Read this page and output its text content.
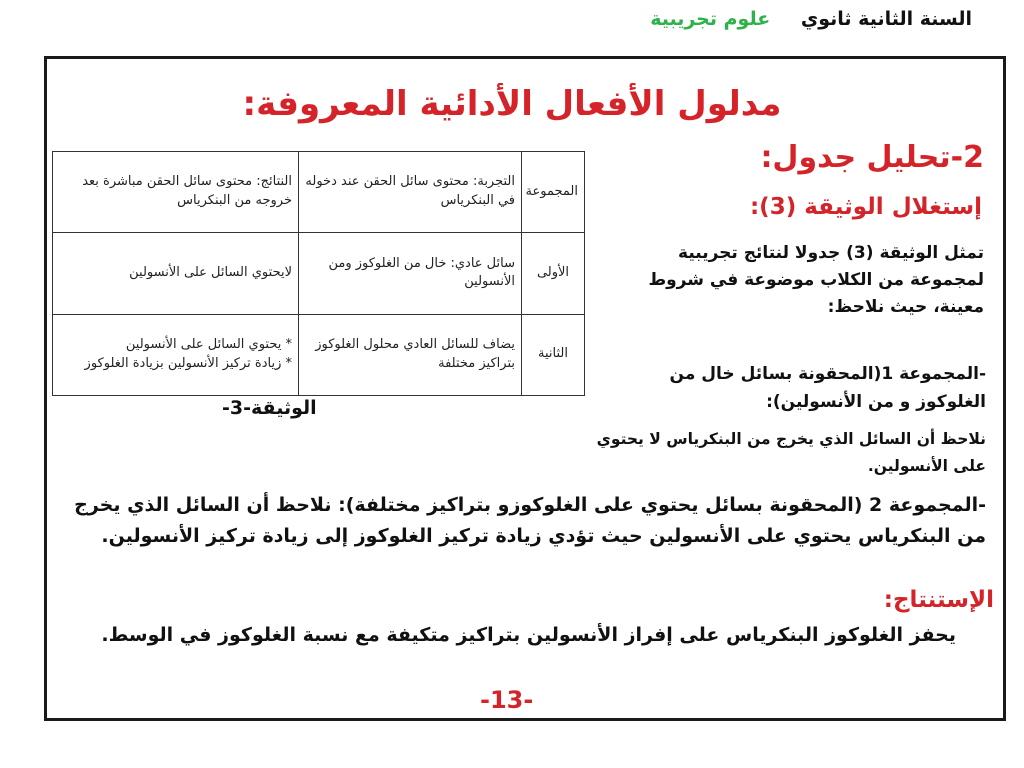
السنة الثانية ثانوي علوم تجريبية
مدلول الأفعال الأدائية المعروفة:
المجموعة	التجربة: محتوى سائل الحقن عند دخوله في البنكرياس	النتائج: محتوى سائل الحقن مباشرة بعد خروجه من البنكرياس
الأولى	سائل عادي: خال من الغلوكوز ومن الأنسولين	لايحتوي السائل على الأنسولين

الثانية	يضاف للسائل العادي محلول الغلوكوز بتراكيز مختلفة	* يحتوي السائل على الأنسولين
* زيادة تركيز الأنسولين بزيادة الغلوكوز
الوثيقة-3-
2-تحليل جدول:
إستغلال الوثيقة (3):
تمثل الوثيقة (3) جدولا لنتائج تجريبية لمجموعة من الكلاب موضوعة في شروط معينة، حيث نلاحظ:
-المجموعة 1(المحقونة بسائل خال من الغلوكوز و من الأنسولين):
نلاحظ أن السائل الذي يخرج من البنكرياس لا يحتوي على الأنسولين.
-المجموعة 2 (المحقونة بسائل يحتوي على الغلوكوزو بتراكيز مختلفة): نلاحظ أن السائل الذي يخرج من البنكرياس يحتوي على الأنسولين حيث تؤدي زيادة تركيز الغلوكوز إلى زيادة تركيز الأنسولين.
الإستنتاج:
يحفز الغلوكوز البنكرياس على إفراز الأنسولين بتراكيز متكيفة مع نسبة الغلوكوز في الوسط.
-13-
